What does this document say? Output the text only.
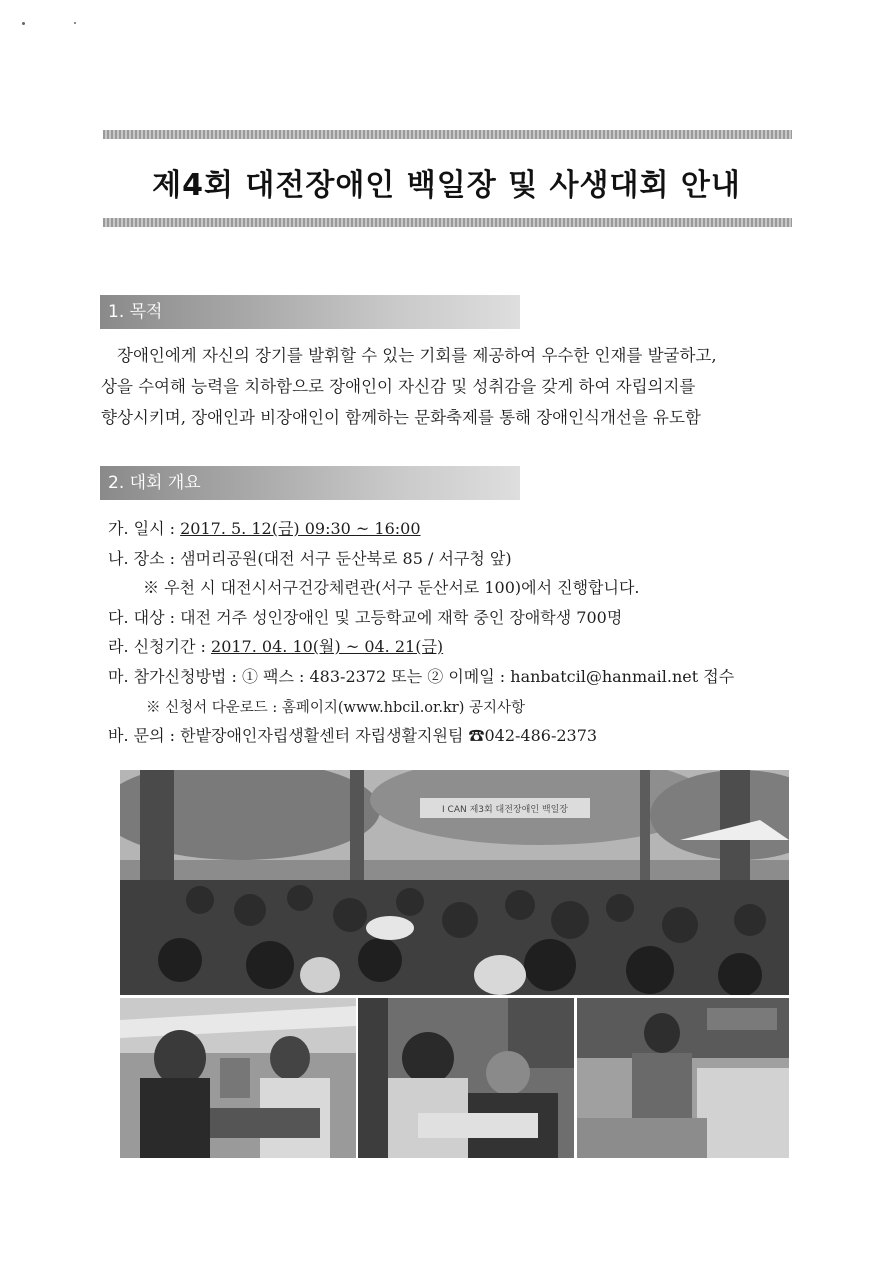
제4회 대전장애인 백일장 및 사생대회 안내
1. 목적

장애인에게 자신의 장기를 발휘할 수 있는 기회를 제공하여 우수한 인재를 발굴하고,

상을 수여해 능력을 치하함으로 장애인이 자신감 및 성취감을 갖게 하여 자립의지를

향상시키며, 장애인과 비장애인이 함께하는 문화축제를 통해 장애인식개선을 유도함

2. 대회 개요
가. 일시 : 2017. 5. 12(금) 09:30 ~ 16:00
나. 장소 : 샘머리공원(대전 서구 둔산북로 85 / 서구청 앞)
※ 우천 시 대전시서구건강체련관(서구 둔산서로 100)에서 진행합니다.
다. 대상 : 대전 거주 성인장애인 및 고등학교에 재학 중인 장애학생 700명
라. 신청기간 : 2017. 04. 10(월) ~ 04. 21(금)
마. 참가신청방법 : ① 팩스 : 483-2372 또는 ② 이메일 : hanbatcil@hanmail.net 접수
※ 신청서 다운로드 : 홈페이지(www.hbcil.or.kr) 공지사항
바. 문의 : 한밭장애인자립생활센터 자립생활지원팀 ☎042-486-2373
I CAN 제3회 대전장애인 백일장
